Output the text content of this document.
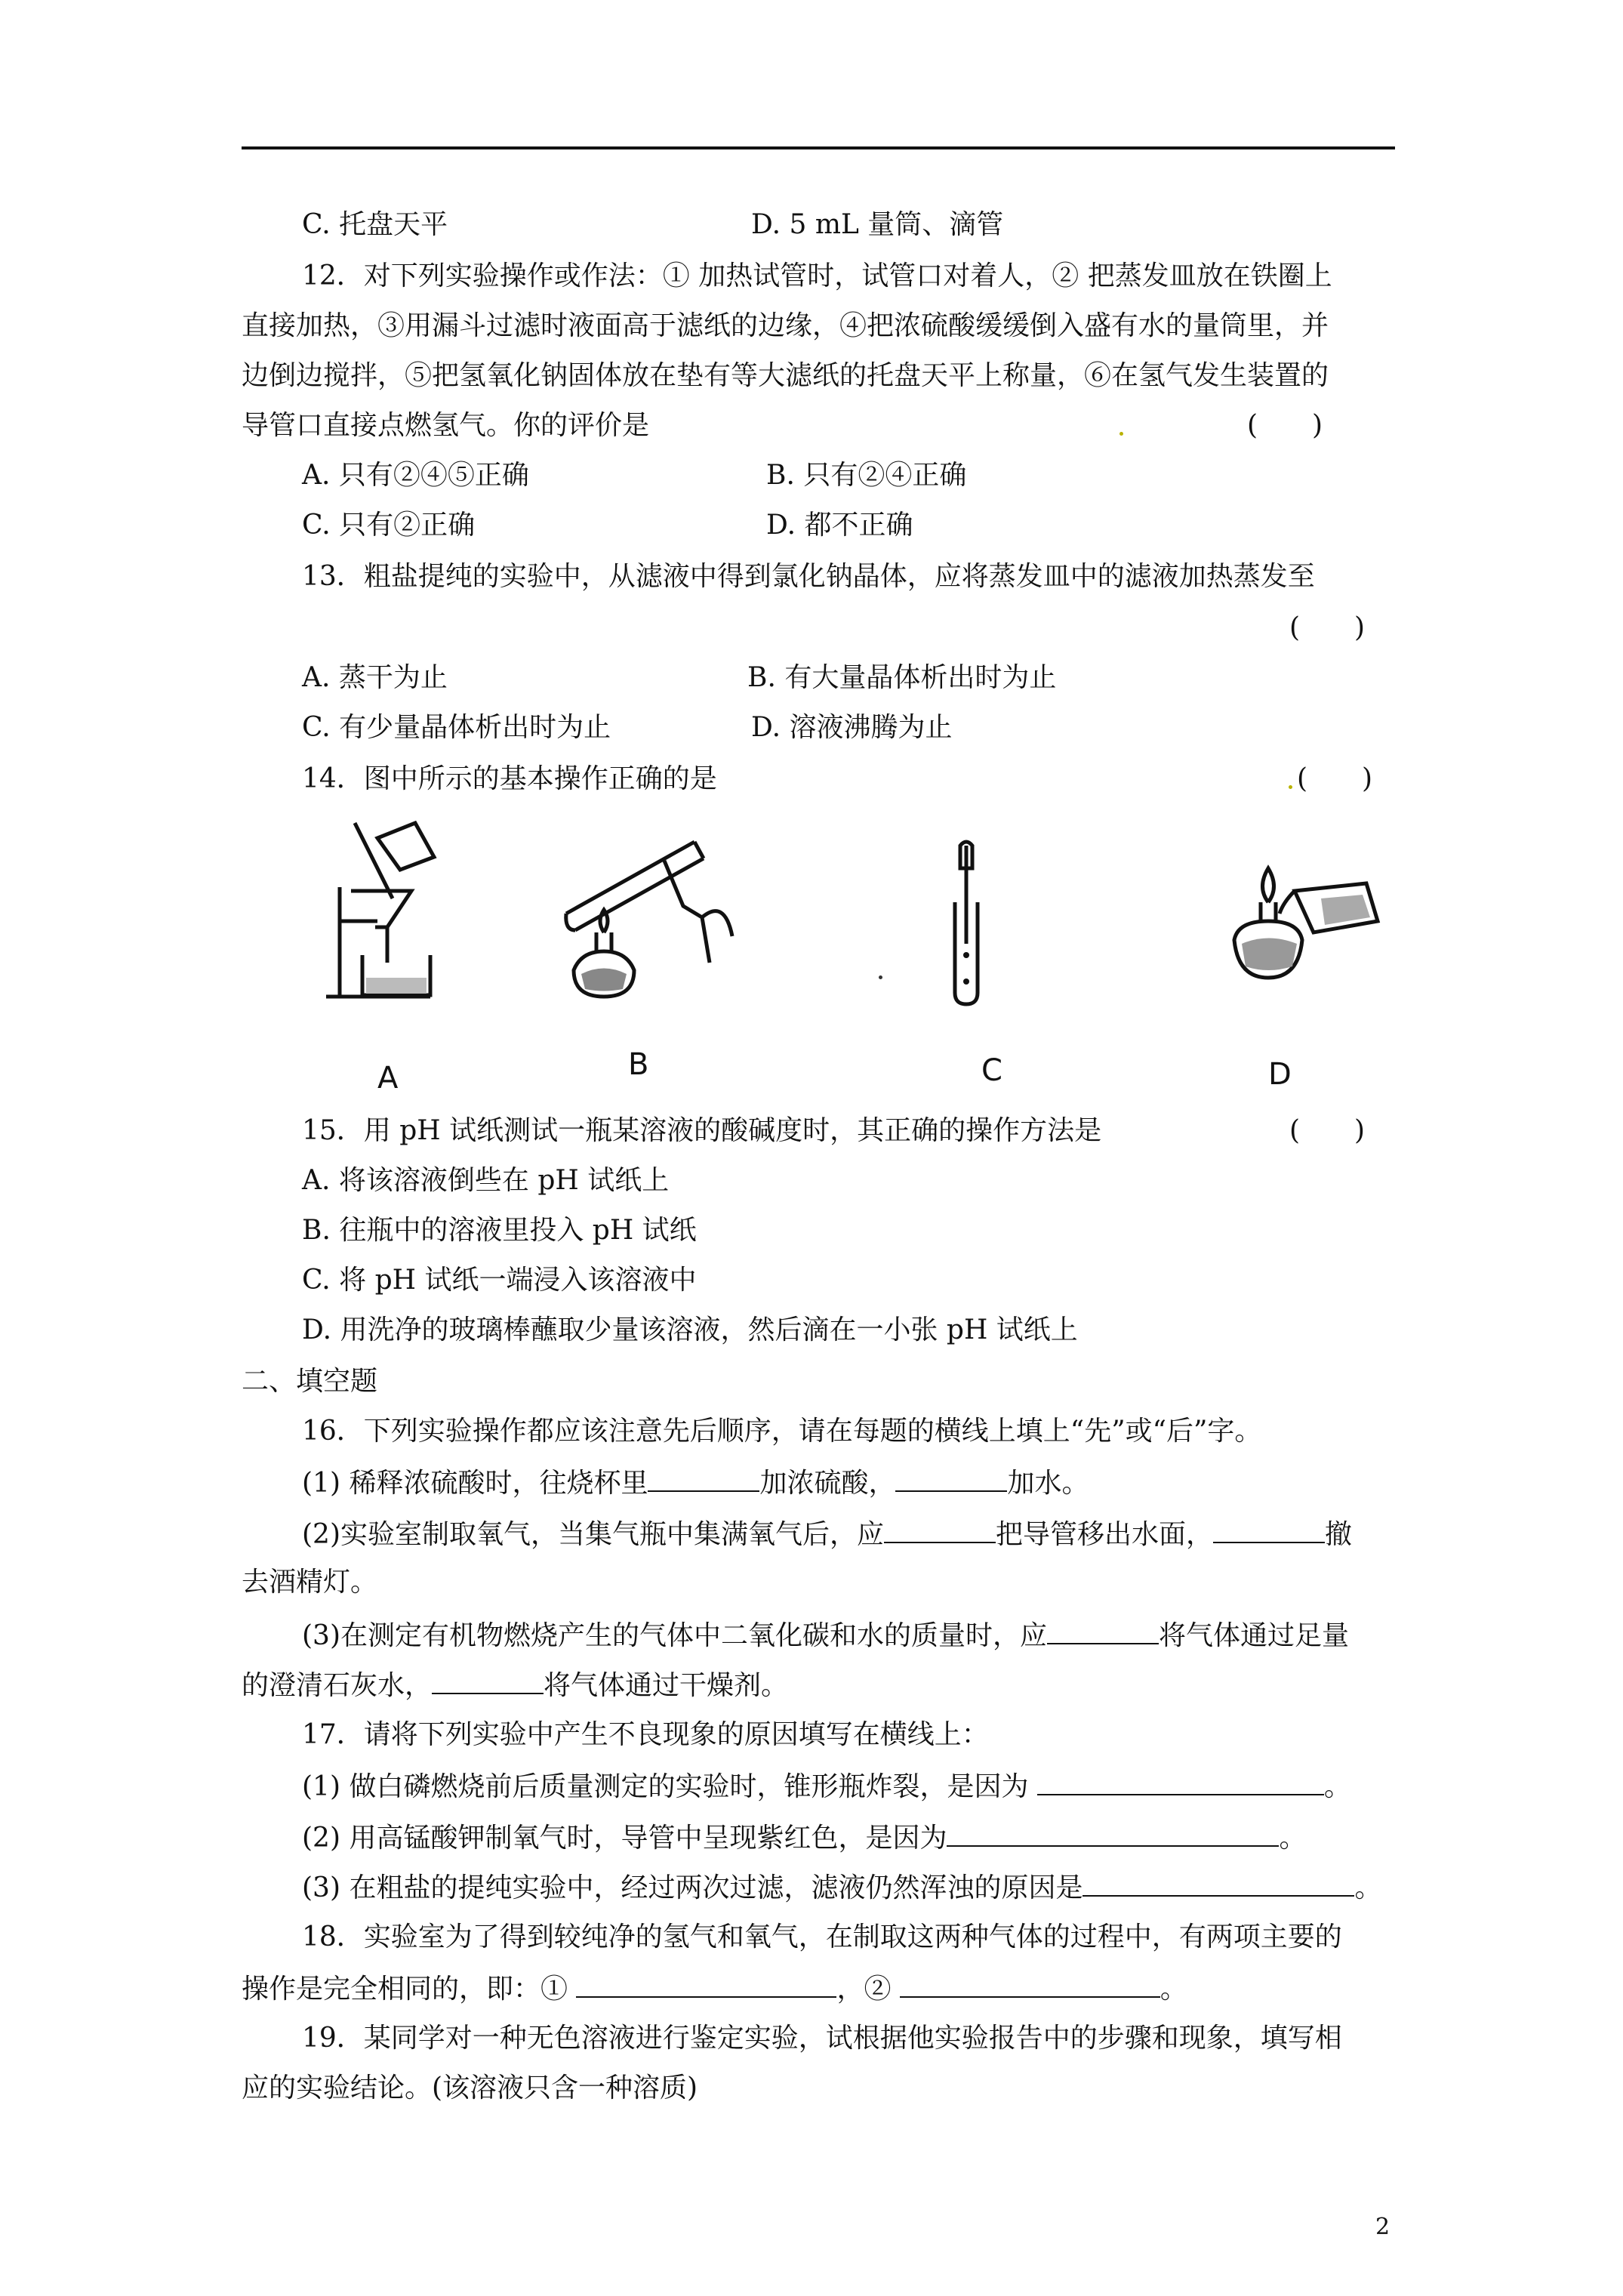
C. 托盘天平	D. 5 mL 量筒、滴管
12．对下列实验操作或作法：① 加热试管时，试管口对着人，② 把蒸发皿放在铁圈上
直接加热，③用漏斗过滤时液面高于滤纸的边缘，④把浓硫酸缓缓倒入盛有水的量筒里，并
边倒边搅拌，⑤把氢氧化钠固体放在垫有等大滤纸的托盘天平上称量，⑥在氢气发生装置的
导管口直接点燃氢气。你的评价是	(　　)
A. 只有②④⑤正确	B. 只有②④正确
C. 只有②正确	D. 都不正确
13．粗盐提纯的实验中，从滤液中得到氯化钠晶体，应将蒸发皿中的滤液加热蒸发至
(　　)
A. 蒸干为止	B. 有大量晶体析出时为止
C. 有少量晶体析出时为止	D. 溶液沸腾为止
14．图中所示的基本操作正确的是	(　　)
A	B	C	D
15．用 pH 试纸测试一瓶某溶液的酸碱度时，其正确的操作方法是	(　　)
A. 将该溶液倒些在 pH 试纸上
B. 往瓶中的溶液里投入 pH 试纸
C. 将 pH 试纸一端浸入该溶液中
D. 用洗净的玻璃棒蘸取少量该溶液，然后滴在一小张 pH 试纸上
二、填空题
16．下列实验操作都应该注意先后顺序，请在每题的横线上填上“先”或“后”字。
(1) 稀释浓硫酸时，往烧杯里	加浓硫酸，	加水。
(2)实验室制取氧气，当集气瓶中集满氧气后，应	把导管移出水面，	撤
去酒精灯。
(3)在测定有机物燃烧产生的气体中二氧化碳和水的质量时，应	将气体通过足量
的澄清石灰水，	将气体通过干燥剂。
17．请将下列实验中产生不良现象的原因填写在横线上：
(1) 做白磷燃烧前后质量测定的实验时，锥形瓶炸裂，是因为	。
(2) 用高锰酸钾制氧气时，导管中呈现紫红色，是因为	。
(3) 在粗盐的提纯实验中，经过两次过滤，滤液仍然浑浊的原因是	。
18．实验室为了得到较纯净的氢气和氧气，在制取这两种气体的过程中，有两项主要的
操作是完全相同的，即：①	，②	。
19．某同学对一种无色溶液进行鉴定实验，试根据他实验报告中的步骤和现象，填写相
应的实验结论。(该溶液只含一种溶质)
2
